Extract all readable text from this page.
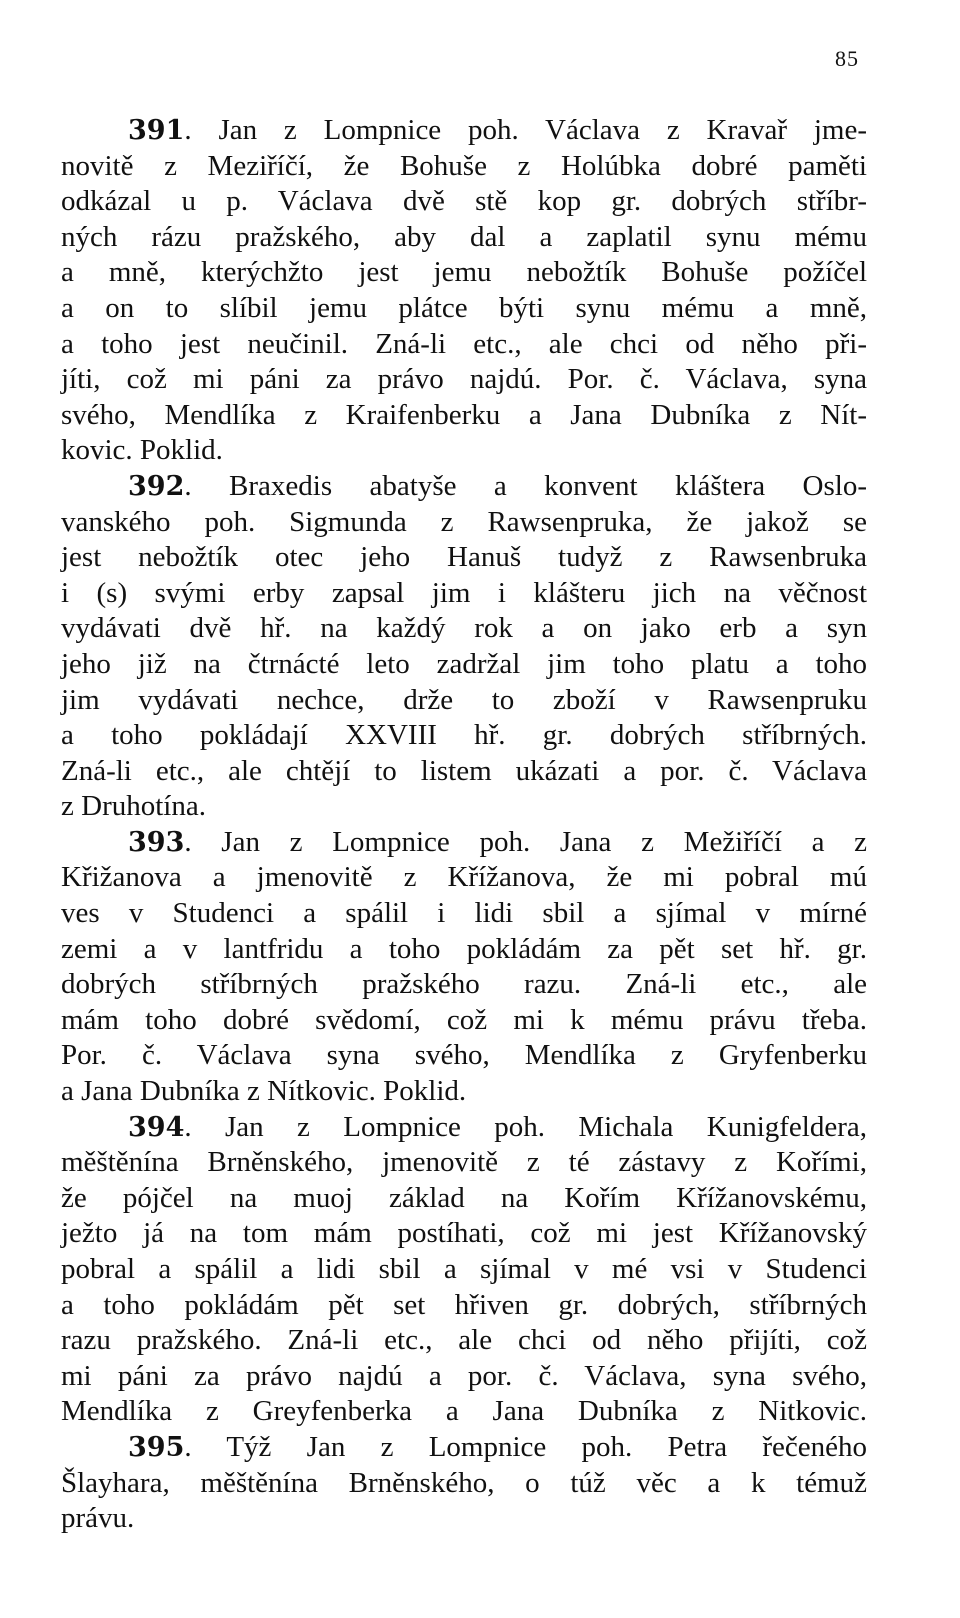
85
391. Jan z Lompnice poh. Václava z Kravař jme-
novitě z Meziříčí, že Bohuše z Holúbka dobré paměti
odkázal u p. Václava dvě stě kop gr. dobrých stříbr-
ných rázu pražského, aby dal a zaplatil synu mému
a mně, kterýchžto jest jemu nebožtík Bohuše požíčel
a on to slíbil jemu plátce býti synu mému a mně,
a toho jest neučinil. Zná-li etc., ale chci od něho při-
jíti, což mi páni za právo najdú. Por. č. Václava, syna
svého, Mendlíka z Kraifenberku a Jana Dubníka z Nít-
kovic. Poklid.
392. Braxedis abatyše a konvent kláštera Oslo-
vanského poh. Sigmunda z Rawsenpruka, že jakož se
jest nebožtík otec jeho Hanuš tudyž z Rawsenbruka
i (s) svými erby zapsal jim i klášteru jich na věčnost
vydávati dvě hř. na každý rok a on jako erb a syn
jeho již na čtrnácté leto zadržal jim toho platu a toho
jim vydávati nechce, drže to zboží v Rawsenpruku
a toho pokládají XXVIII hř. gr. dobrých stříbrných.
Zná-li etc., ale chtějí to listem ukázati a por. č. Václava
z Druhotína.
393. Jan z Lompnice poh. Jana z Mežiříčí a z
Křižanova a jmenovitě z Křížanova, že mi pobral mú
ves v Studenci a spálil i lidi sbil a sjímal v mírné
zemi a v lantfridu a toho pokládám za pět set hř. gr.
dobrých stříbrných pražského razu. Zná-li etc., ale
mám toho dobré svědomí, což mi k mému právu třeba.
Por. č. Václava syna svého, Mendlíka z Gryfenberku
a Jana Dubníka z Nítkovic. Poklid.
394. Jan z Lompnice poh. Michala Kunigfeldera,
měštěnína Brněnského, jmenovitě z té zástavy z Kořími,
že pójčel na muoj základ na Kořím Křížanovskému,
ježto já na tom mám postíhati, což mi jest Křížanovský
pobral a spálil a lidi sbil a sjímal v mé vsi v Studenci
a toho pokládám pět set hřiven gr. dobrých, stříbrných
razu pražského. Zná-li etc., ale chci od něho přijíti, což
mi páni za právo najdú a por. č. Václava, syna svého,
Mendlíka z Greyfenberka a Jana Dubníka z Nitkovic.
395. Týž Jan z Lompnice poh. Petra řečeného
Šlayhara, měštěnína Brněnského, o túž věc a k témuž
právu.
